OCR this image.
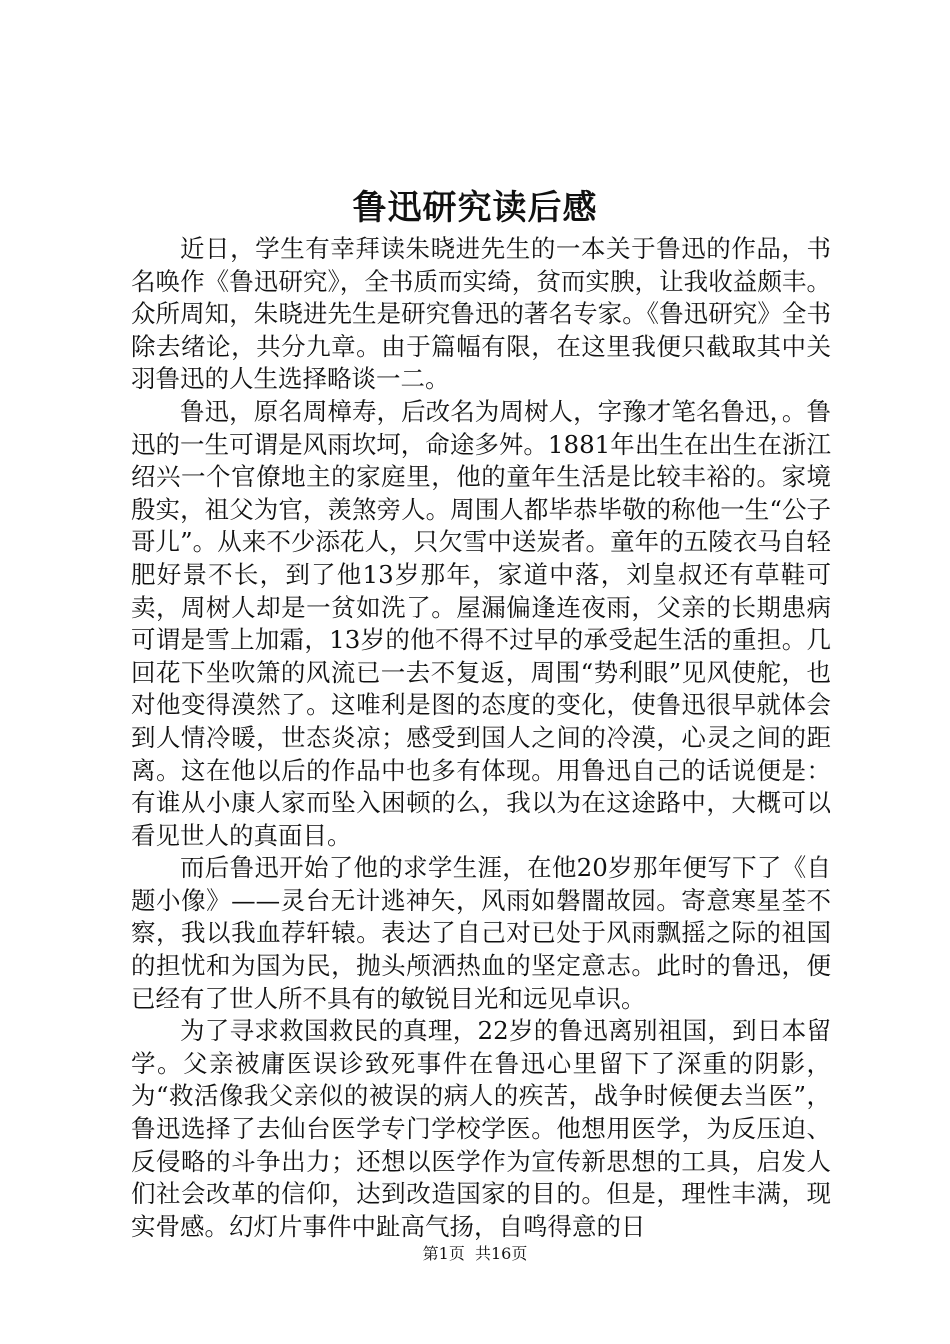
鲁迅研究读后感

近日，学生有幸拜读朱晓进先生的一本关于鲁迅的作品，书名唤作《鲁迅研究》，全书质而实绮，贫而实腴，让我收益颇丰。众所周知，朱晓进先生是研究鲁迅的著名专家。《鲁迅研究》全书除去绪论，共分九章。由于篇幅有限，在这里我便只截取其中关羽鲁迅的人生选择略谈一二。

鲁迅，原名周樟寿，后改名为周树人，字豫才笔名鲁迅，。鲁迅的一生可谓是风雨坎坷，命途多舛。1881年出生在出生在浙江绍兴一个官僚地主的家庭里，他的童年生活是比较丰裕的。家境殷实，祖父为官，羡煞旁人。周围人都毕恭毕敬的称他一生“公子哥儿”。从来不少添花人，只欠雪中送炭者。童年的五陵衣马自轻肥好景不长，到了他13岁那年，家道中落，刘皇叔还有草鞋可卖，周树人却是一贫如洗了。屋漏偏逢连夜雨，父亲的长期患病可谓是雪上加霜，13岁的他不得不过早的承受起生活的重担。几回花下坐吹箫的风流已一去不复返，周围“势利眼”见风使舵，也对他变得漠然了。这唯利是图的态度的变化，使鲁迅很早就体会到人情冷暖，世态炎凉；感受到国人之间的冷漠，心灵之间的距离。这在他以后的作品中也多有体现。用鲁迅自己的话说便是：有谁从小康人家而坠入困顿的么，我以为在这途路中，大概可以看见世人的真面目。

而后鲁迅开始了他的求学生涯，在他20岁那年便写下了《自题小像》——灵台无计逃神矢，风雨如磐闇故园。寄意寒星荃不察，我以我血荐轩辕。表达了自己对已处于风雨飘摇之际的祖国的担忧和为国为民，抛头颅洒热血的坚定意志。此时的鲁迅，便已经有了世人所不具有的敏锐目光和远见卓识。

为了寻求救国救民的真理，22岁的鲁迅离别祖国，到日本留学。父亲被庸医误诊致死事件在鲁迅心里留下了深重的阴影，为“救活像我父亲似的被误的病人的疾苦，战争时候便去当医”，鲁迅选择了去仙台医学专门学校学医。他想用医学，为反压迫、反侵略的斗争出力；还想以医学作为宣传新思想的工具，启发人们社会改革的信仰，达到改造国家的目的。但是，理性丰满，现实骨感。幻灯片事件中趾高气扬，自鸣得意的日

第1页  共16页
